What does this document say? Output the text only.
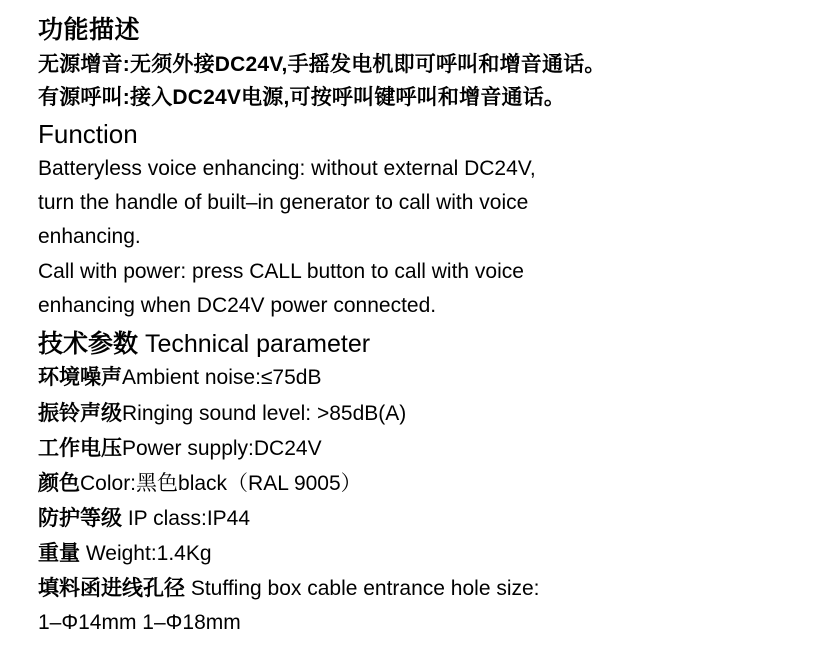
功能描述

无源增音:无须外接DC24V,手摇发电机即可呼叫和增音通话。

有源呼叫:接入DC24V电源,可按呼叫键呼叫和增音通话。

Function

Batteryless voice enhancing: without external DC24V,

turn the handle of built–in generator to call with voice

enhancing.

Call with power: press CALL button to call with voice

enhancing when DC24V power connected.

技术参数 Technical parameter

环境噪声Ambient noise:≤75dB

振铃声级Ringing sound level: >85dB(A)

工作电压Power supply:DC24V

颜色Color:黑色black（RAL 9005）

防护等级 IP class:IP44

重量 Weight:1.4Kg

填料函进线孔径 Stuffing box cable entrance hole size:

1–Φ14mm 1–Φ18mm
